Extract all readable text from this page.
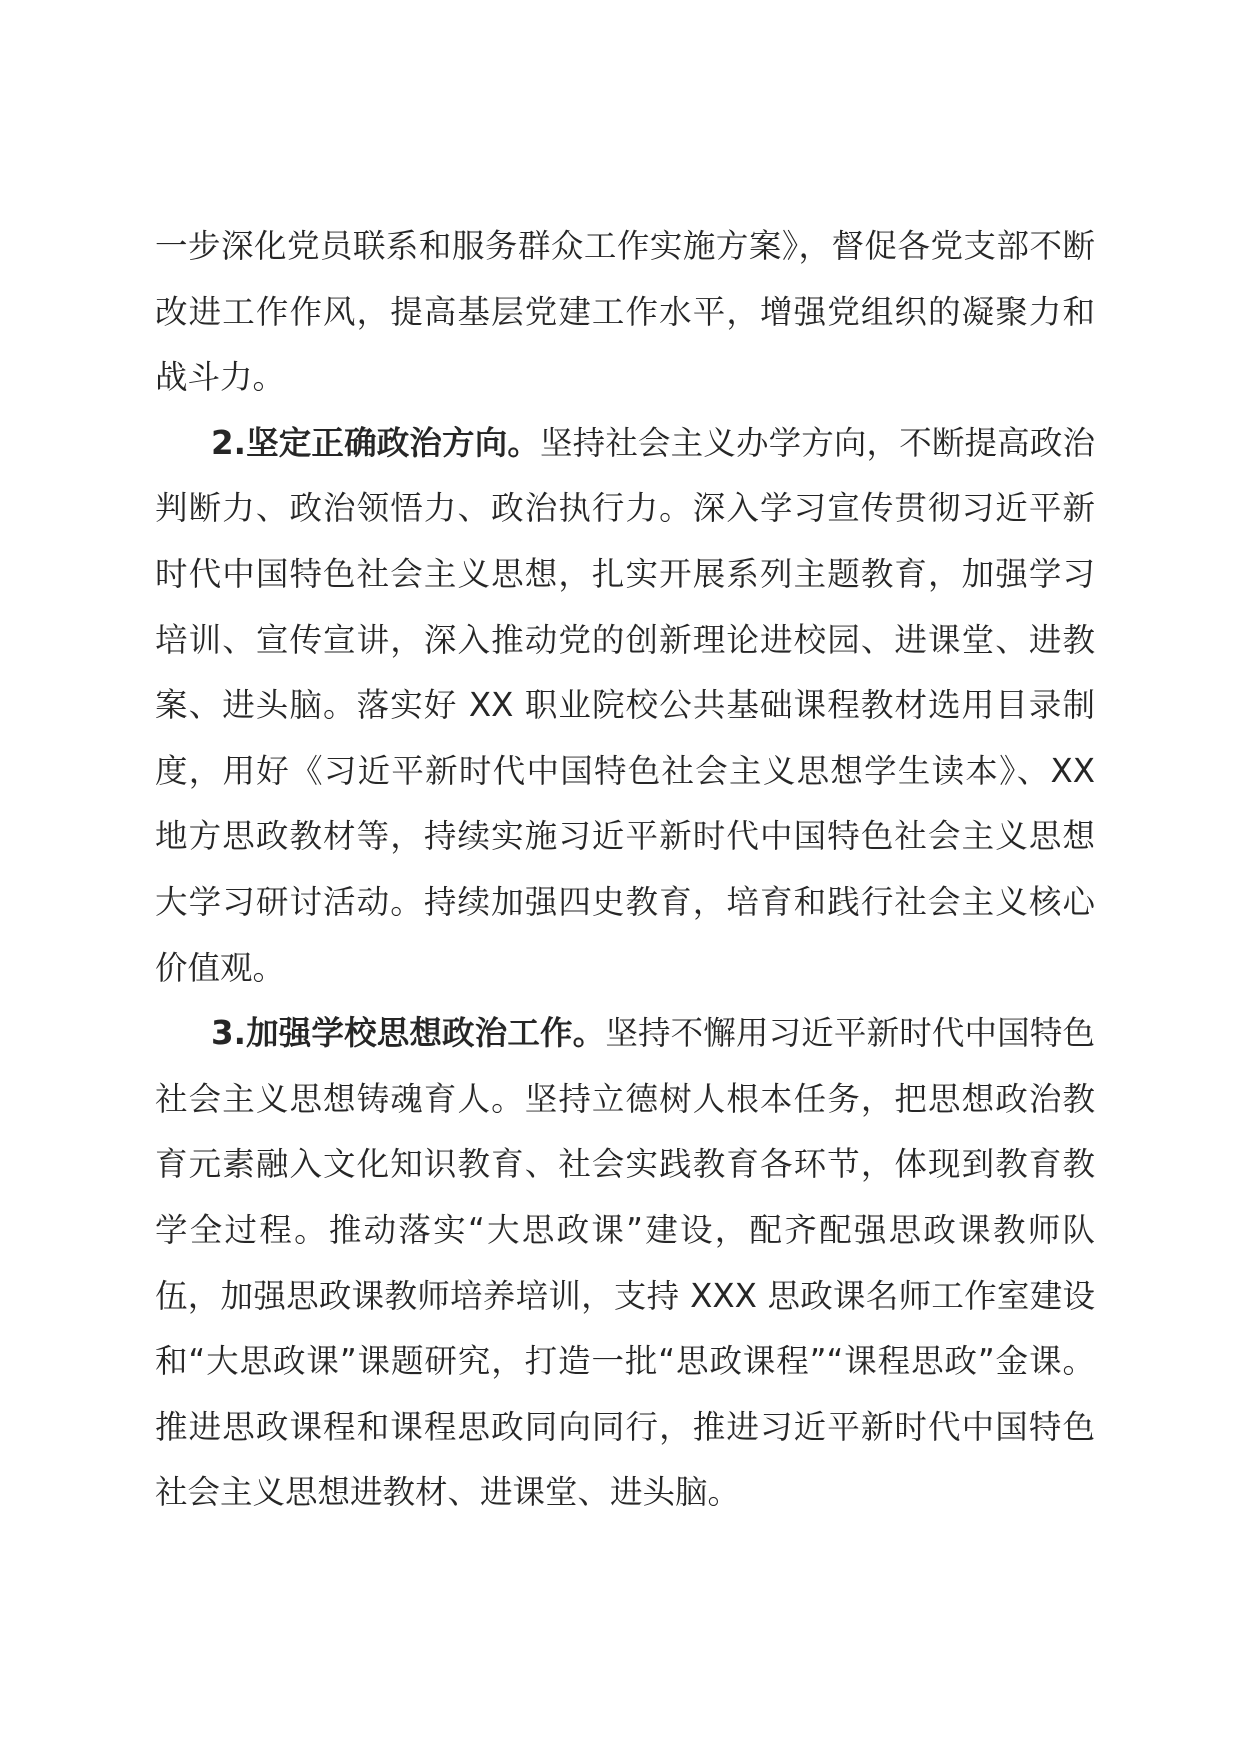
一步深化党员联系和服务群众工作实施方案》，督促各党支部不断改进工作作风，提高基层党建工作水平，增强党组织的凝聚力和战斗力。

2.坚定正确政治方向。坚持社会主义办学方向，不断提高政治判断力、政治领悟力、政治执行力。深入学习宣传贯彻习近平新时代中国特色社会主义思想，扎实开展系列主题教育，加强学习培训、宣传宣讲，深入推动党的创新理论进校园、进课堂、进教案、进头脑。落实好 XX 职业院校公共基础课程教材选用目录制度，用好《习近平新时代中国特色社会主义思想学生读本》、XX 地方思政教材等，持续实施习近平新时代中国特色社会主义思想大学习研讨活动。持续加强四史教育，培育和践行社会主义核心价值观。

3.加强学校思想政治工作。坚持不懈用习近平新时代中国特色社会主义思想铸魂育人。坚持立德树人根本任务，把思想政治教育元素融入文化知识教育、社会实践教育各环节，体现到教育教学全过程。推动落实“大思政课”建设，配齐配强思政课教师队伍，加强思政课教师培养培训，支持 XXX 思政课名师工作室建设和“大思政课”课题研究，打造一批“思政课程”“课程思政”金课。推进思政课程和课程思政同向同行，推进习近平新时代中国特色社会主义思想进教材、进课堂、进头脑。
